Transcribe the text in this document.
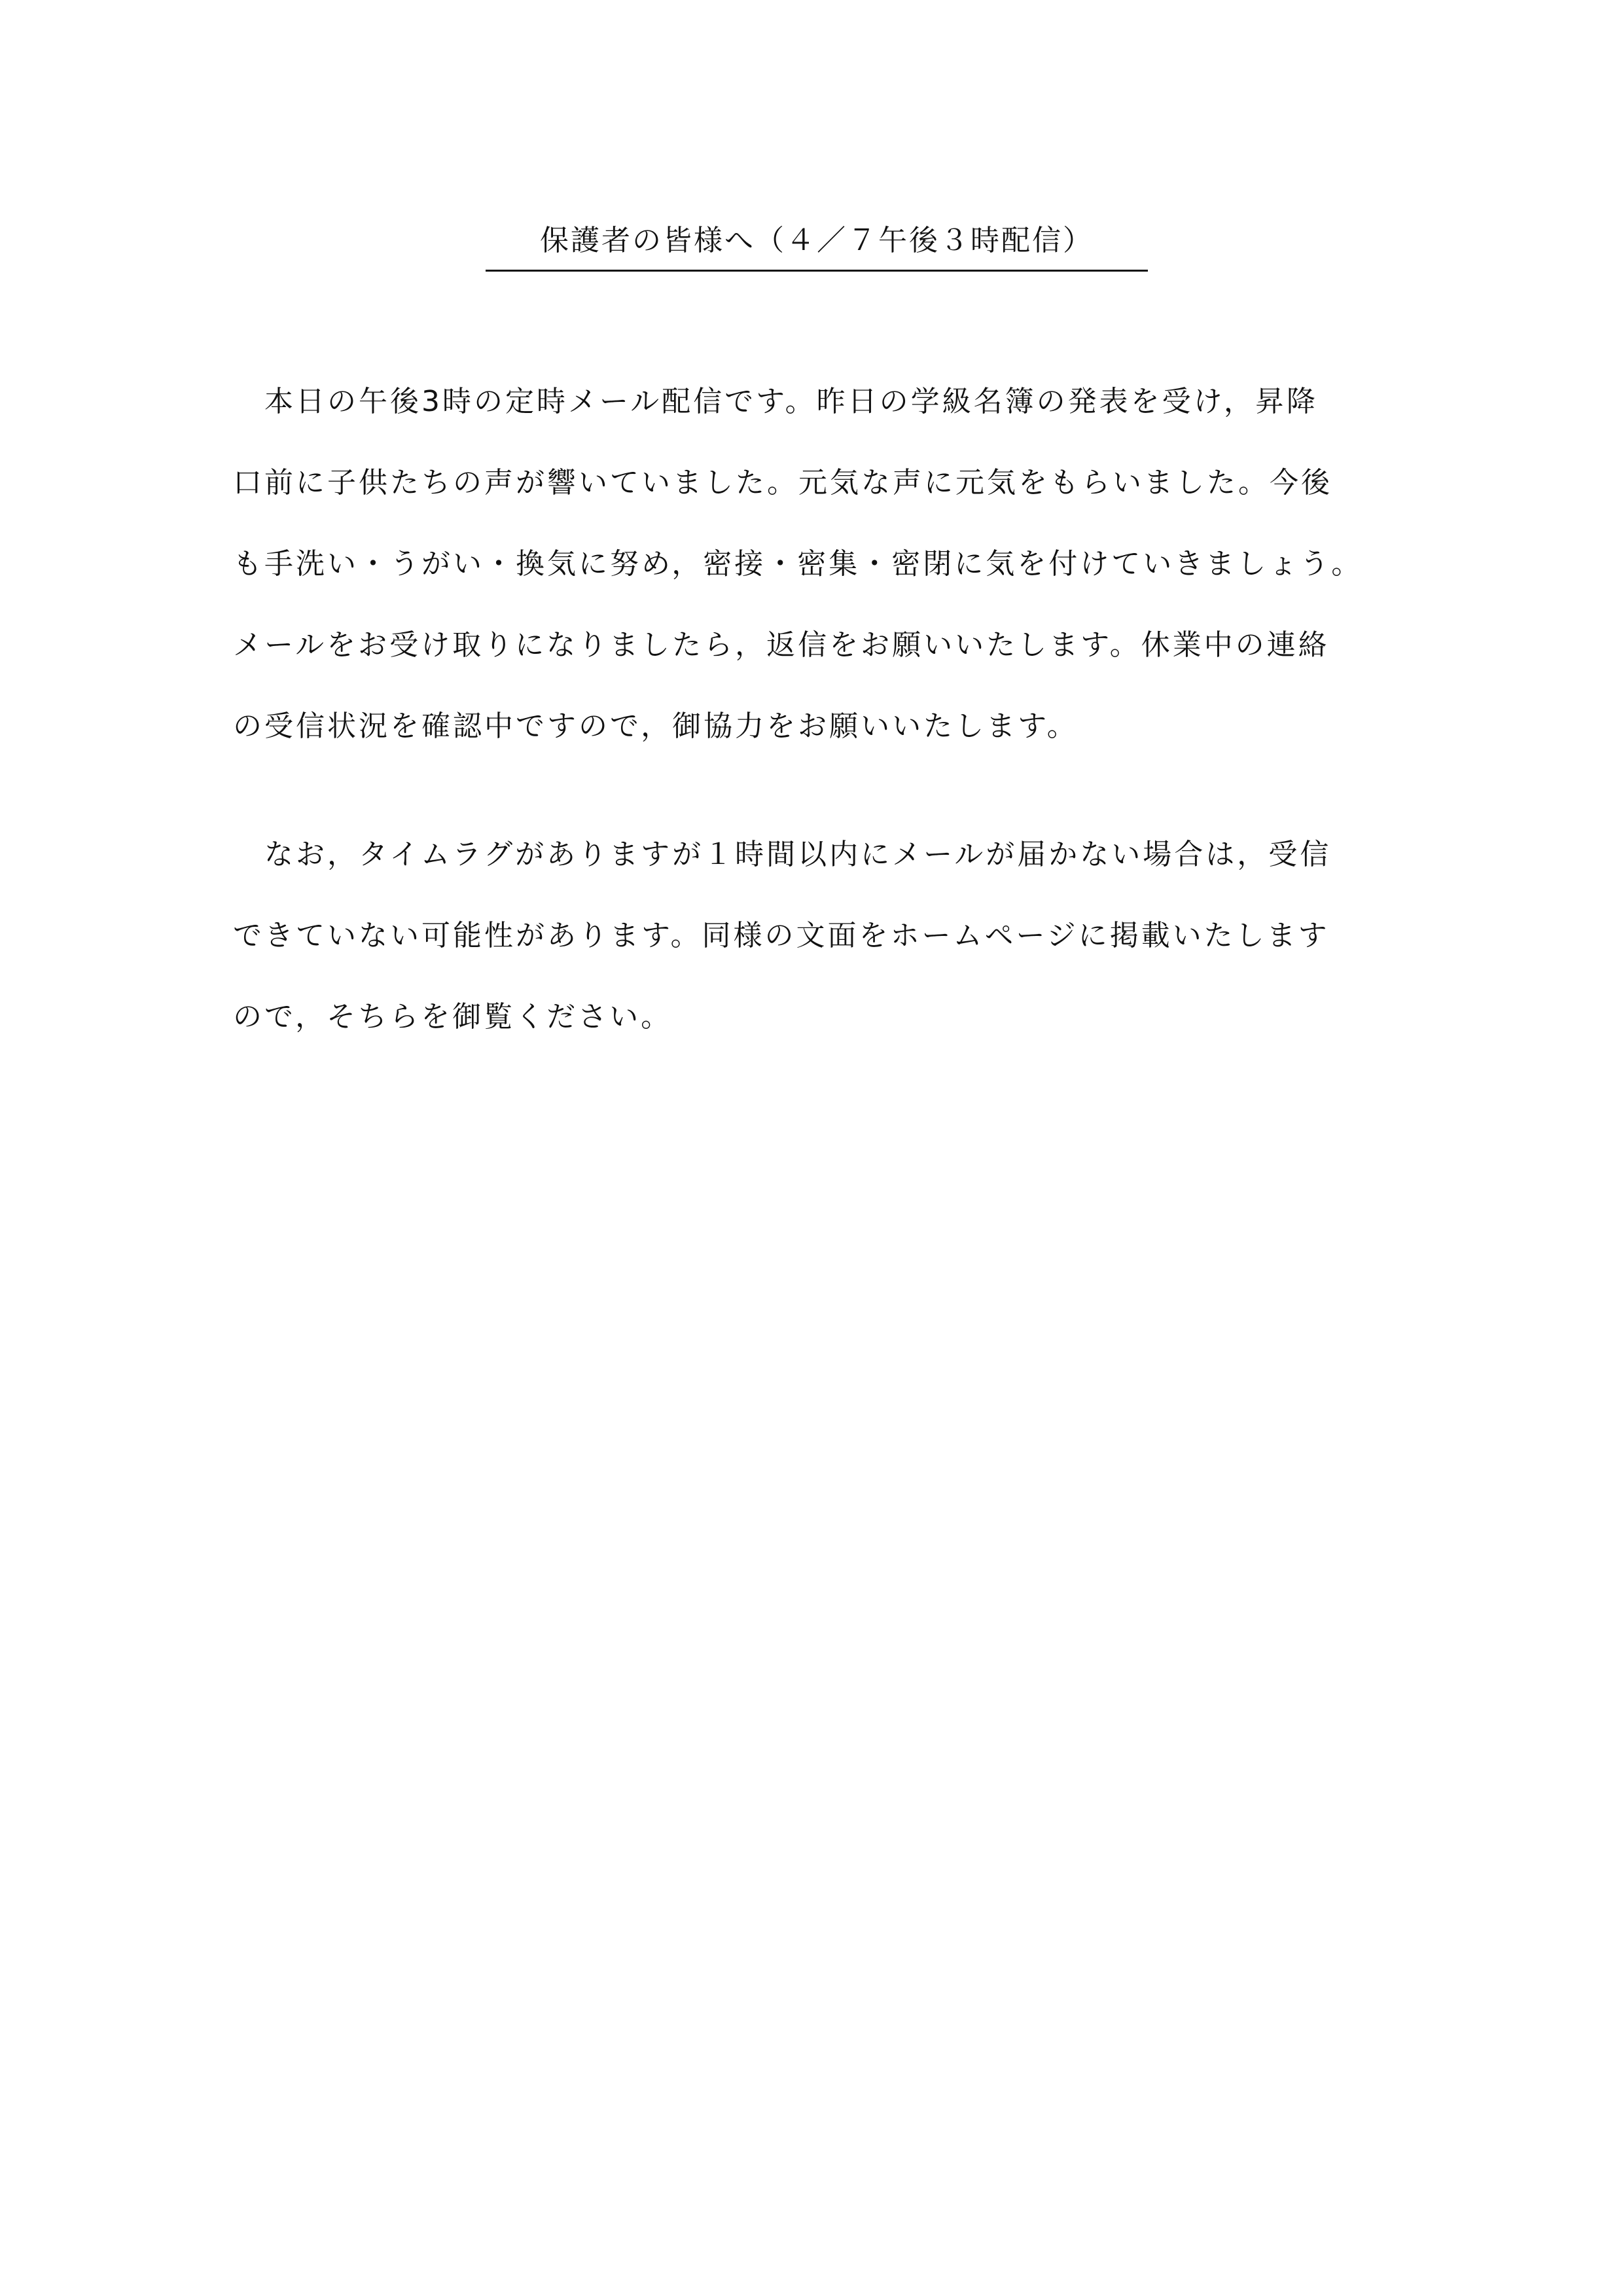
保護者の皆様へ（４／７午後３時配信）
　本日の午後3時の定時メール配信です。昨日の学級名簿の発表を受け，昇降
口前に子供たちの声が響いていました。元気な声に元気をもらいました。今後
も手洗い・うがい・換気に努め，密接・密集・密閉に気を付けていきましょう。
メールをお受け取りになりましたら，返信をお願いいたします。休業中の連絡
の受信状況を確認中ですので，御協力をお願いいたします。
　なお，タイムラグがありますが１時間以内にメールが届かない場合は，受信
できていない可能性があります。同様の文面をホームページに掲載いたします
ので，そちらを御覧ください。
